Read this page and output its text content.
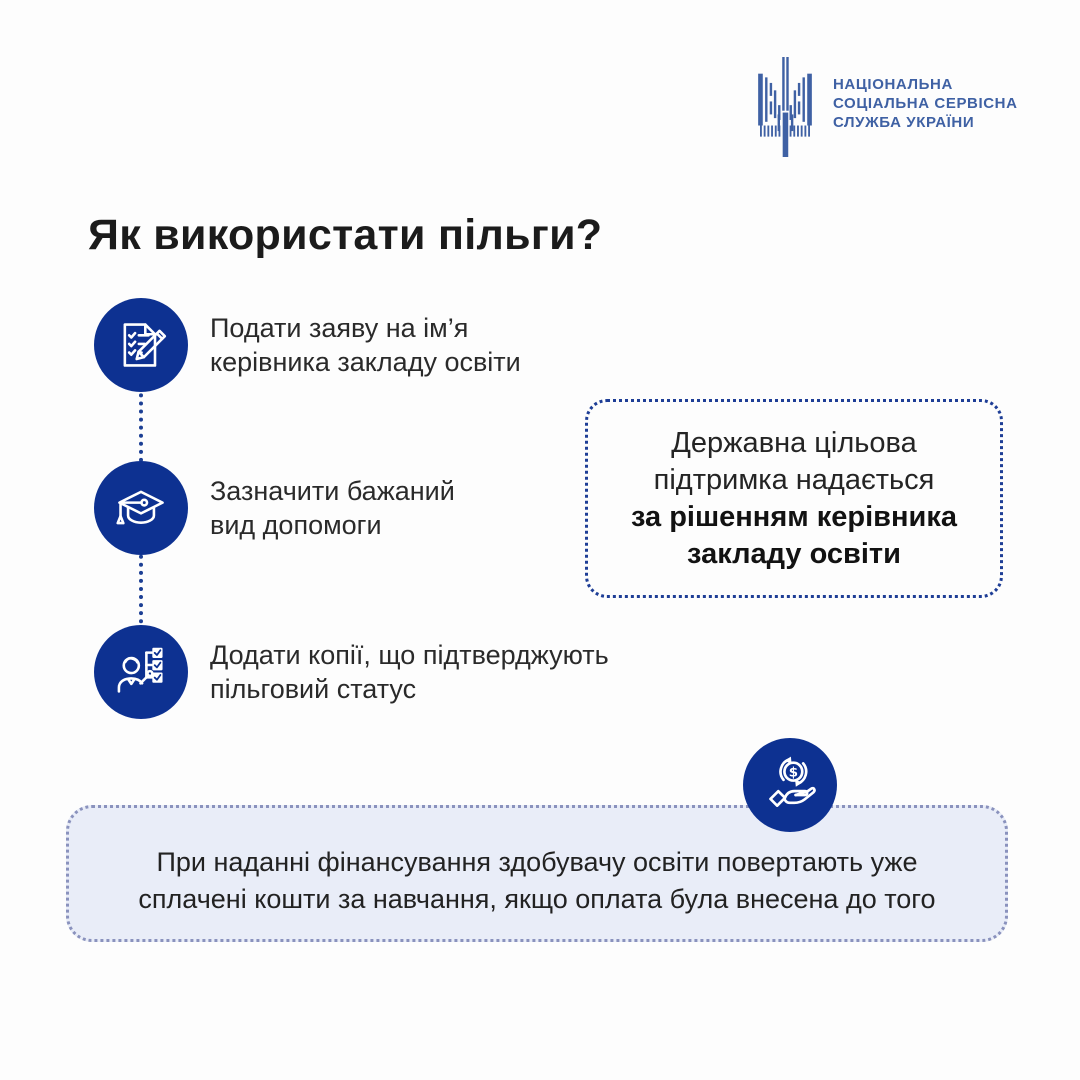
НАЦІОНАЛЬНА
СОЦІАЛЬНА СЕРВІСНА
СЛУЖБА УКРАЇНИ
Як використати пільги?
Подати заяву на ім’я
керівника закладу освіти
Зазначити бажаний
вид допомоги
Додати копії, що підтверджують
пільговий статус
Державна цільова
підтримка надається
за рішенням керівника
закладу освіти
$
При наданні фінансування здобувачу освіти повертають уже
сплачені кошти за навчання, якщо оплата була внесена до того
